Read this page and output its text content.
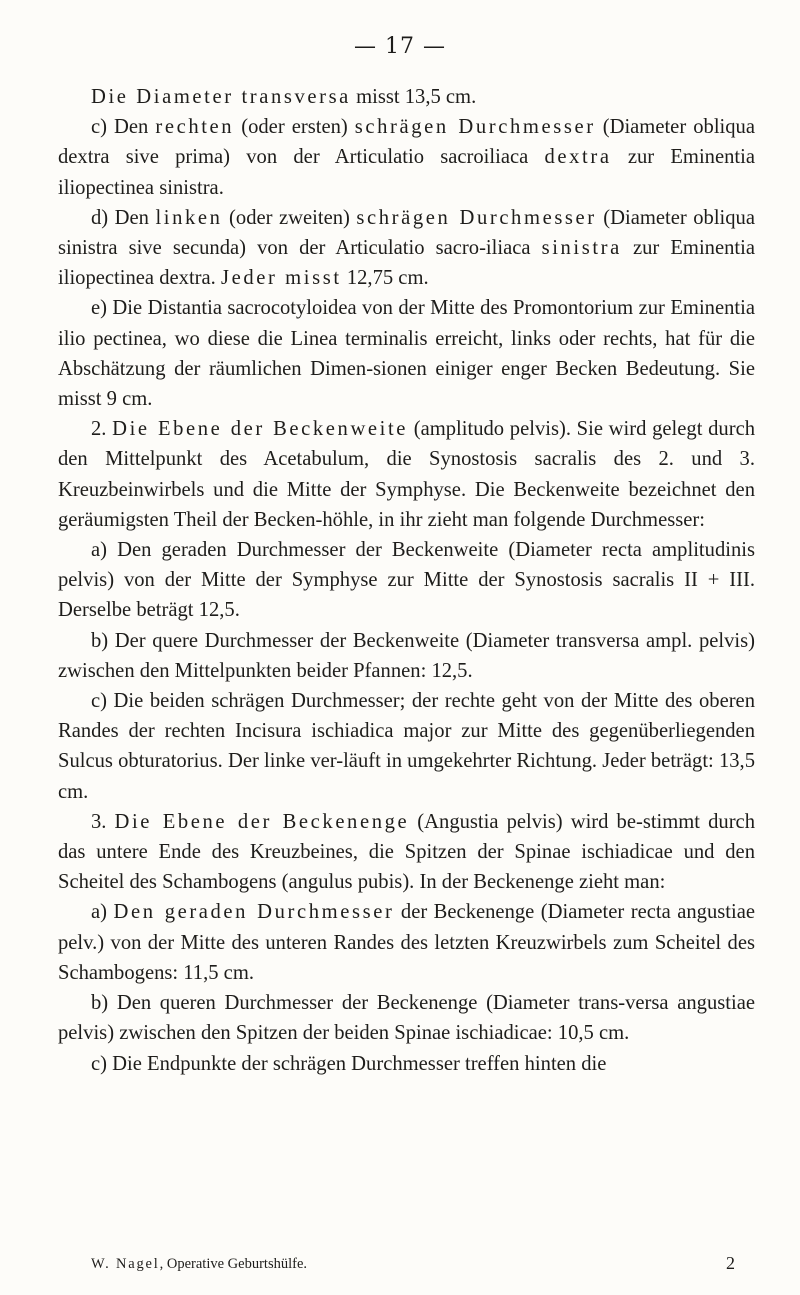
— 17 —

Die Diameter transversa misst 13,5 cm.

c) Den rechten (oder ersten) schrägen Durchmesser (Diameter obliqua dextra sive prima) von der Articulatio sacroiliaca dextra zur Eminentia iliopectinea sinistra.

d) Den linken (oder zweiten) schrägen Durchmesser (Diameter obliqua sinistra sive secunda) von der Articulatio sacro-iliaca sinistra zur Eminentia iliopectinea dextra. Jeder misst 12,75 cm.

e) Die Distantia sacrocotyloidea von der Mitte des Promontorium zur Eminentia ilio pectinea, wo diese die Linea terminalis erreicht, links oder rechts, hat für die Abschätzung der räumlichen Dimen-sionen einiger enger Becken Bedeutung. Sie misst 9 cm.

2. Die Ebene der Beckenweite (amplitudo pelvis). Sie wird gelegt durch den Mittelpunkt des Acetabulum, die Synostosis sacralis des 2. und 3. Kreuzbeinwirbels und die Mitte der Symphyse. Die Beckenweite bezeichnet den geräumigsten Theil der Becken-höhle, in ihr zieht man folgende Durchmesser:

a) Den geraden Durchmesser der Beckenweite (Diameter recta amplitudinis pelvis) von der Mitte der Symphyse zur Mitte der Synostosis sacralis II + III. Derselbe beträgt 12,5.

b) Der quere Durchmesser der Beckenweite (Diameter transversa ampl. pelvis) zwischen den Mittelpunkten beider Pfannen: 12,5.

c) Die beiden schrägen Durchmesser; der rechte geht von der Mitte des oberen Randes der rechten Incisura ischiadica major zur Mitte des gegenüberliegenden Sulcus obturatorius. Der linke ver-läuft in umgekehrter Richtung. Jeder beträgt: 13,5 cm.

3. Die Ebene der Beckenenge (Angustia pelvis) wird be-stimmt durch das untere Ende des Kreuzbeines, die Spitzen der Spinae ischiadicae und den Scheitel des Schambogens (angulus pubis). In der Beckenenge zieht man:

a) Den geraden Durchmesser der Beckenenge (Diameter recta angustiae pelv.) von der Mitte des unteren Randes des letzten Kreuzwirbels zum Scheitel des Schambogens: 11,5 cm.

b) Den queren Durchmesser der Beckenenge (Diameter trans-versa angustiae pelvis) zwischen den Spitzen der beiden Spinae ischiadicae: 10,5 cm.

c) Die Endpunkte der schrägen Durchmesser treffen hinten die

W. Nagel, Operative Geburtshülfe.	2
